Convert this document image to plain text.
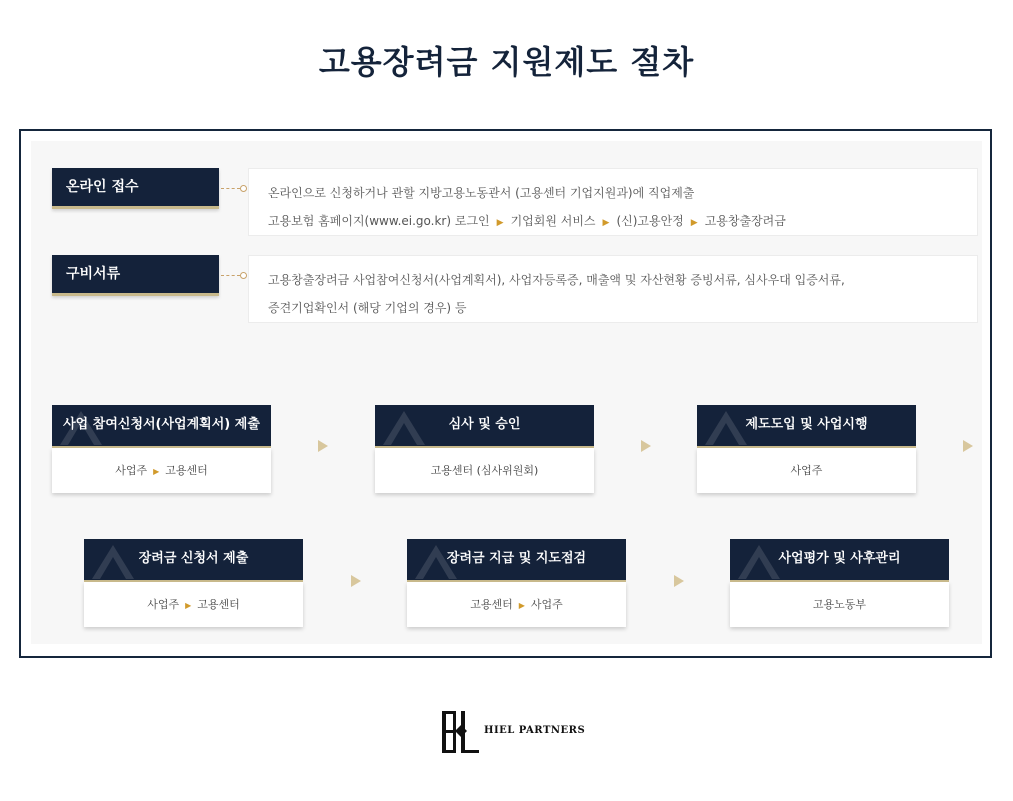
고용장려금 지원제도 절차
온라인 접수	온라인으로 신청하거나 관할 지방고용노동관서 (고용센터 기업지원과)에 직업제출
고용보험 홈페이지(www.ei.go.kr) 로그인 ▶ 기업회원 서비스 ▶ (신)고용안정 ▶ 고용창출장려금
구비서류	고용창출장려금 사업참여신청서(사업계획서), 사업자등록증, 매출액 및 자산현황 증빙서류, 심사우대 입증서류,
증견기업확인서 (해당 기업의 경우) 등
사업 참여신청서(사업계획서) 제출
사업주 ▶ 고용센터
심사 및 승인
고용센터 (심사위원회)
제도도입 및 사업시행
사업주
장려금 신청서 제출
사업주 ▶ 고용센터
장려금 지급 및 지도점검
고용센터 ▶ 사업주
사업평가 및 사후관리
고용노동부
HIEL PARTNERS
